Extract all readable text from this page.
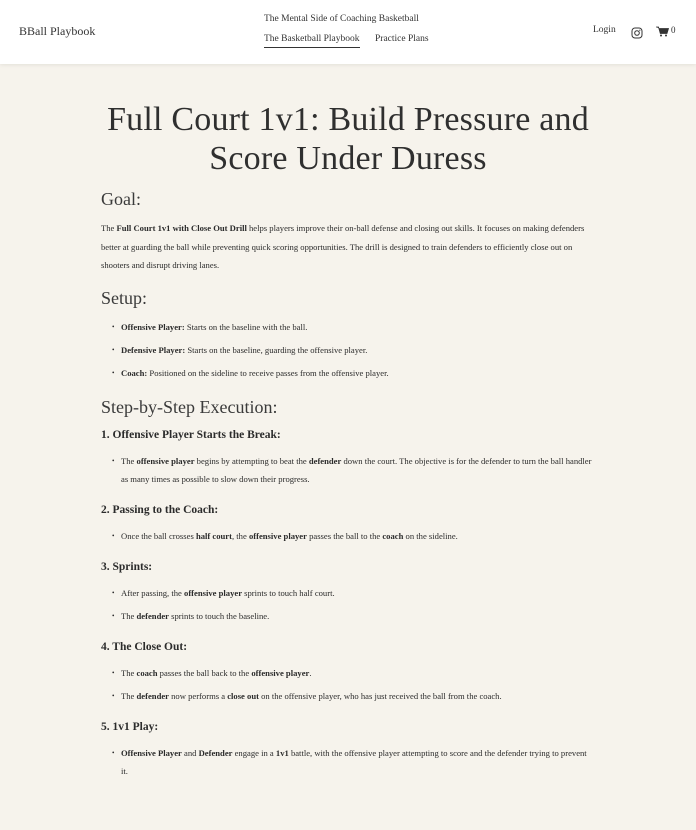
BBall Playbook
The Mental Side of Coaching Basketball
The Basketball Playbook Practice Plans
Login	0
Full Court 1v1: Build Pressure and Score Under Duress
Goal:

The Full Court 1v1 with Close Out Drill helps players improve their on-ball defense and closing out skills. It focuses on making defenders better at guarding the ball while preventing quick scoring opportunities. The drill is designed to train defenders to efficiently close out on shooters and disrupt driving lanes.

Setup:
• Offensive Player: Starts on the baseline with the ball.
• Defensive Player: Starts on the baseline, guarding the offensive player.
• Coach: Positioned on the sideline to receive passes from the offensive player.
Step-by-Step Execution:
1. Offensive Player Starts the Break:
• The offensive player begins by attempting to beat the defender down the court. The objective is for the defender to turn the ball handler as many times as possible to slow down their progress.
2. Passing to the Coach:
• Once the ball crosses half court, the offensive player passes the ball to the coach on the sideline.
3. Sprints:
• After passing, the offensive player sprints to touch half court.
• The defender sprints to touch the baseline.
4. The Close Out:
• The coach passes the ball back to the offensive player.
• The defender now performs a close out on the offensive player, who has just received the ball from the coach.
5. 1v1 Play:
• Offensive Player and Defender engage in a 1v1 battle, with the offensive player attempting to score and the defender trying to prevent it.
